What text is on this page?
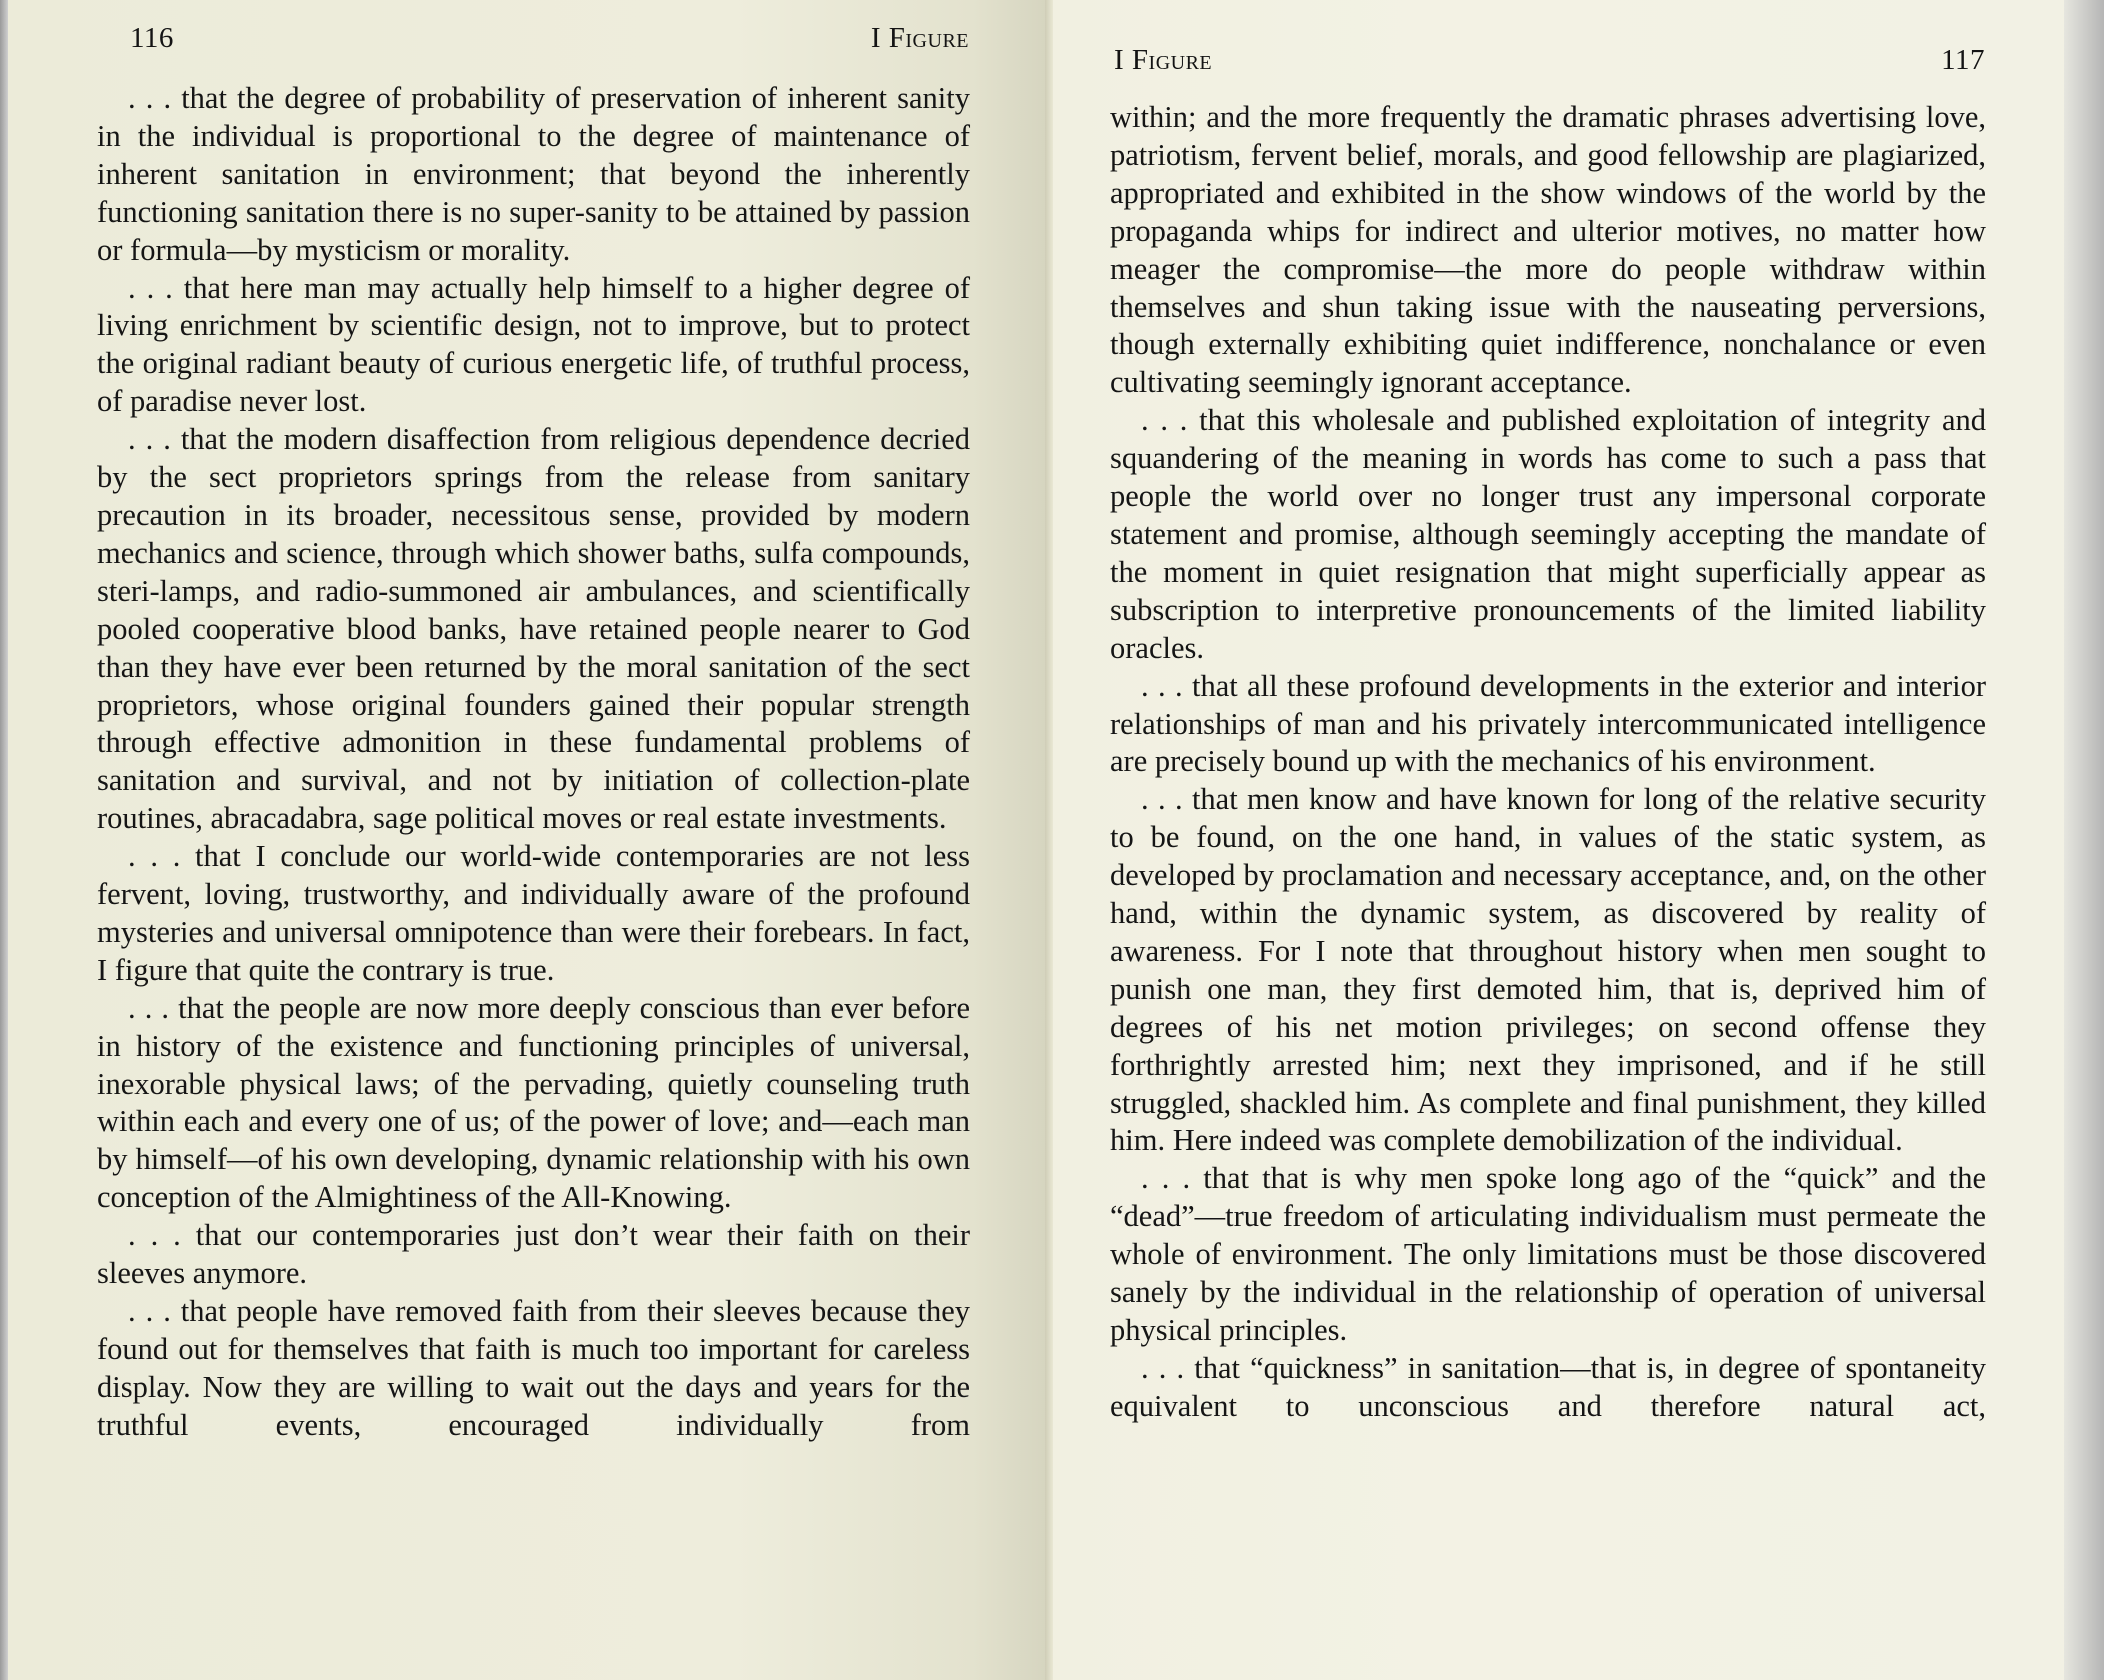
116	I Figure

. . . that the degree of probability of preservation of inherent sanity in the individual is proportional to the degree of maintenance of inherent sanitation in environment; that beyond the inherently functioning sanitation there is no super-sanity to be attained by passion or formula—by mysticism or morality.

. . . that here man may actually help himself to a higher degree of living enrichment by scientific design, not to improve, but to protect the original radiant beauty of curious energetic life, of truthful process, of paradise never lost.

. . . that the modern disaffection from religious dependence decried by the sect proprietors springs from the release from sanitary precaution in its broader, necessitous sense, provided by modern mechanics and science, through which shower baths, sulfa compounds, steri-lamps, and radio-summoned air ambulances, and scientifically pooled cooperative blood banks, have retained people nearer to God than they have ever been returned by the moral sanitation of the sect proprietors, whose original founders gained their popular strength through effective admonition in these fundamental problems of sanitation and survival, and not by initiation of collection-plate routines, abracadabra, sage political moves or real estate investments.

. . . that I conclude our world-wide contemporaries are not less fervent, loving, trustworthy, and individually aware of the profound mysteries and universal omnipotence than were their forebears. In fact, I figure that quite the contrary is true.

. . . that the people are now more deeply conscious than ever before in history of the existence and functioning principles of universal, inexorable physical laws; of the pervading, quietly counseling truth within each and every one of us; of the power of love; and—each man by himself—of his own developing, dynamic relationship with his own conception of the Almightiness of the All-Knowing.

. . . that our contemporaries just don’t wear their faith on their sleeves anymore.

. . . that people have removed faith from their sleeves because they found out for themselves that faith is much too important for careless display. Now they are willing to wait out the days and years for the truthful events, encouraged individually from

I Figure	117

within; and the more frequently the dramatic phrases advertising love, patriotism, fervent belief, morals, and good fellowship are plagiarized, appropriated and exhibited in the show windows of the world by the propaganda whips for indirect and ulterior motives, no matter how meager the compromise—the more do people withdraw within themselves and shun taking issue with the nauseating perversions, though externally exhibiting quiet indifference, nonchalance or even cultivating seemingly ignorant acceptance.

. . . that this wholesale and published exploitation of integrity and squandering of the meaning in words has come to such a pass that people the world over no longer trust any impersonal corporate statement and promise, although seemingly accepting the mandate of the moment in quiet resignation that might superficially appear as subscription to interpretive pronouncements of the limited liability oracles.

. . . that all these profound developments in the exterior and interior relationships of man and his privately intercommunicated intelligence are precisely bound up with the mechanics of his environment.

. . . that men know and have known for long of the relative security to be found, on the one hand, in values of the static system, as developed by proclamation and necessary acceptance, and, on the other hand, within the dynamic system, as discovered by reality of awareness. For I note that throughout history when men sought to punish one man, they first demoted him, that is, deprived him of degrees of his net motion privileges; on second offense they forthrightly arrested him; next they imprisoned, and if he still struggled, shackled him. As complete and final punishment, they killed him. Here indeed was complete demobilization of the individual.

. . . that that is why men spoke long ago of the “quick” and the “dead”—true freedom of articulating individualism must permeate the whole of environment. The only limitations must be those discovered sanely by the individual in the relationship of operation of universal physical principles.

. . . that “quickness” in sanitation—that is, in degree of spontaneity equivalent to unconscious and therefore natural act,
